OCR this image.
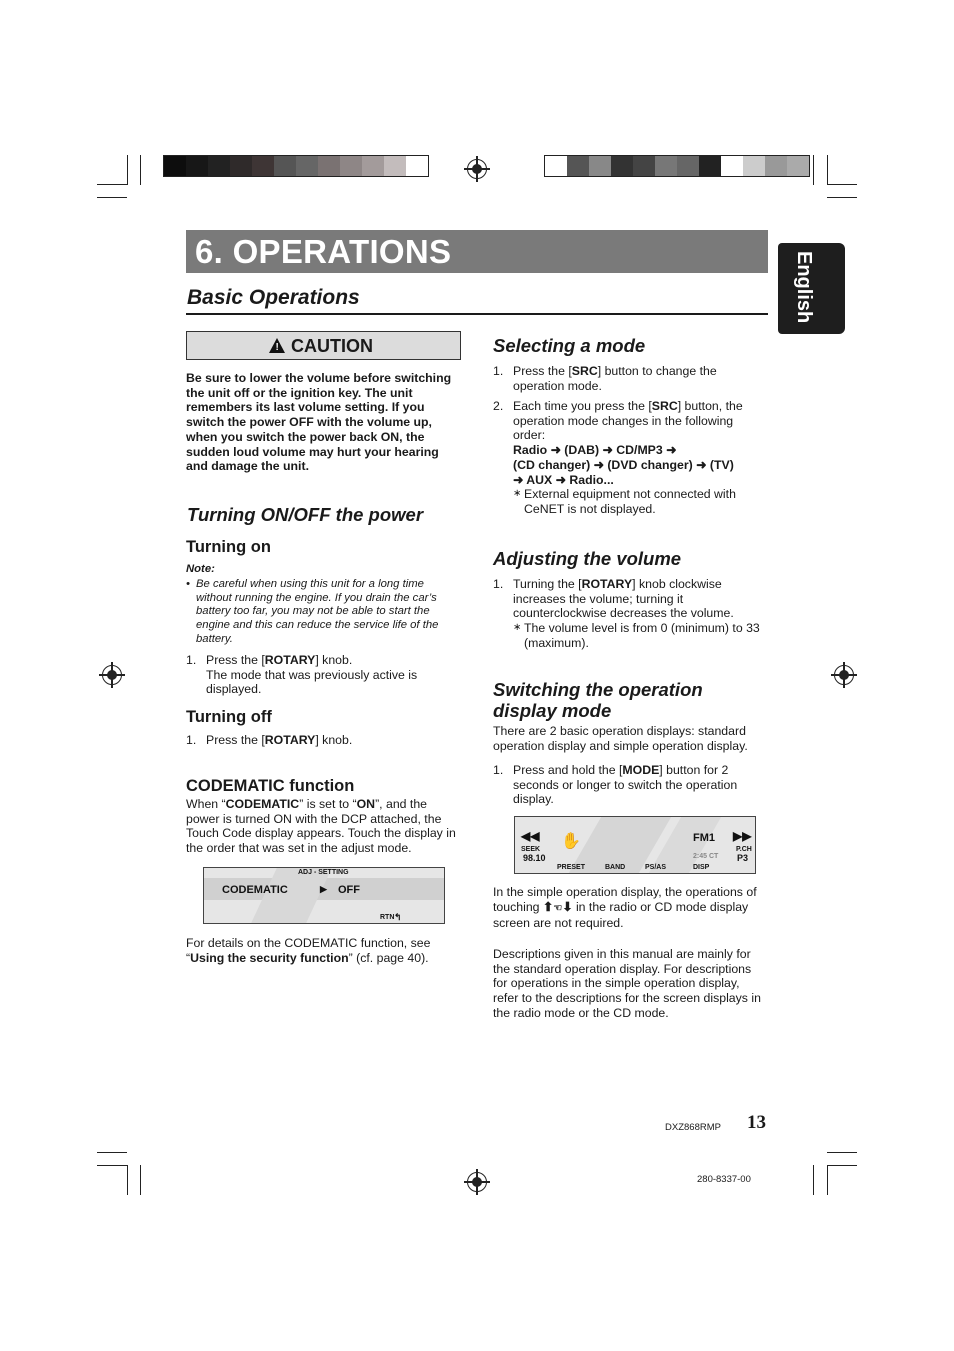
6. OPERATIONS	English
Basic Operations
! CAUTION
Be sure to lower the volume before switching the unit off or the ignition key. The unit remembers its last volume setting. If you switch the power OFF with the volume up, when you switch the power back ON, the sudden loud volume may hurt your hearing and damage the unit.
Turning ON/OFF the power
Turning on
Note:
• Be careful when using this unit for a long time without running the engine. If you drain the car’s battery too far, you may not be able to start the engine and this can reduce the service life of the battery.
1. Press the [ROTARY] knob.
The mode that was previously active is displayed.
Turning off
1. Press the [ROTARY] knob.
CODEMATIC function
When “CODEMATIC” is set to “ON”, and the power is turned ON with the DCP attached, the Touch Code display appears. Touch the display in the order that was set in the adjust mode.
ADJ - SETTING
CODEMATIC	▶ OFF
RTN ↰
For details on the CODEMATIC function, see “Using the security function” (cf. page 40).
Selecting a mode
1. Press the [SRC] button to change the operation mode.
2. Each time you press the [SRC] button, the operation mode changes in the following order:
Radio ➜ (DAB) ➜ CD/MP3 ➜
(CD changer) ➜ (DVD changer) ➜ (TV)
➜ AUX ➜ Radio...
∗ External equipment not connected with CeNET is not displayed.
Adjusting the volume
1. Turning the [ROTARY] knob clockwise increases the volume; turning it counterclockwise decreases the volume.
∗ The volume level is from 0 (minimum) to 33 (maximum).
Switching the operation
display mode
There are 2 basic operation displays: standard operation display and simple operation display.
1. Press and hold the [MODE] button for 2 seconds or longer to switch the operation display.
◀◀ ✋	FM1 ▶▶
SEEK
98.10	2:45 CT
P.CH
P3
PRESET	BAND	PS/AS	DISP
In the simple operation display, the operations of touching ⬆☜⬇ in the radio or CD mode display screen are not required.
Descriptions given in this manual are mainly for the standard operation display. For descriptions for operations in the simple operation display, refer to the descriptions for the screen displays in the radio mode or the CD mode.
DXZ868RMP 13
280-8337-00
